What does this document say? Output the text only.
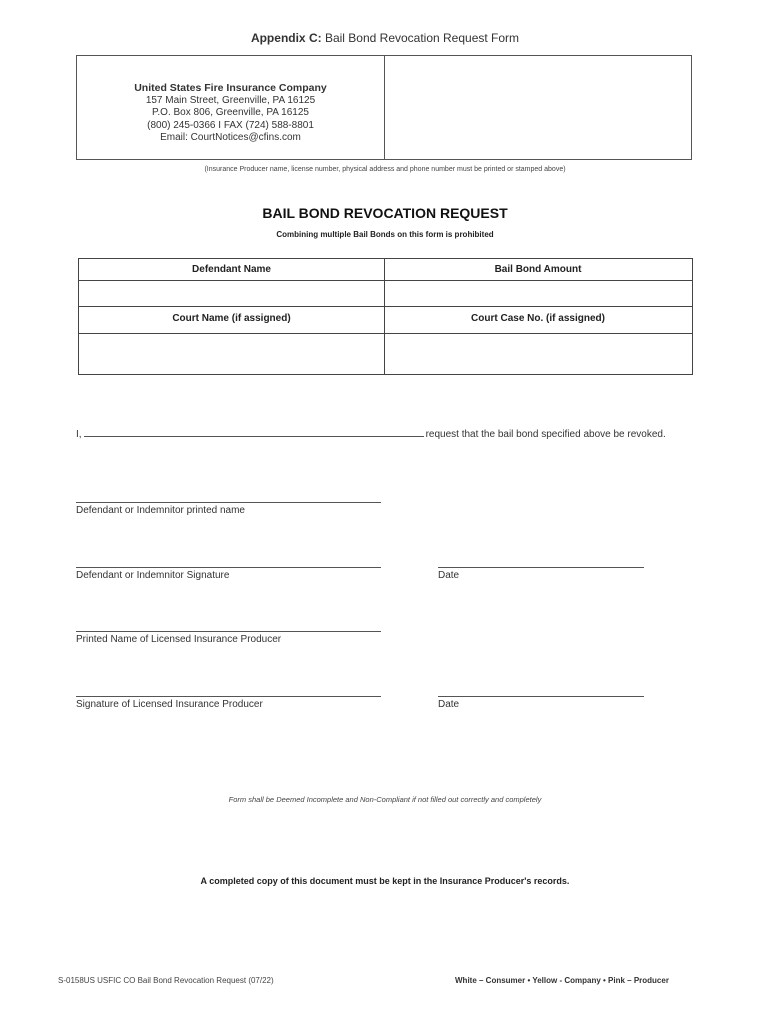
Appendix C: Bail Bond Revocation Request Form
United States Fire Insurance Company
157 Main Street, Greenville, PA 16125
P.O. Box 806, Greenville, PA 16125
(800) 245-0366 I FAX (724) 588-8801
Email: CourtNotices@cfins.com
(Insurance Producer name, license number, physical address and phone number must be printed or stamped above)
BAIL BOND REVOCATION REQUEST
Combining multiple Bail Bonds on this form is prohibited
Defendant Name	Bail Bond Amount
Court Name (if assigned)	Court Case No. (if assigned)
I,	request that the bail bond specified above be revoked.
Defendant or Indemnitor printed name
Defendant or Indemnitor Signature	Date
Printed Name of Licensed Insurance Producer
Signature of Licensed Insurance Producer	Date
Form shall be Deemed Incomplete and Non-Compliant if not filled out correctly and completely
A completed copy of this document must be kept in the Insurance Producer's records.
S-0158US USFIC CO Bail Bond Revocation Request (07/22)	White – Consumer • Yellow - Company • Pink – Producer
